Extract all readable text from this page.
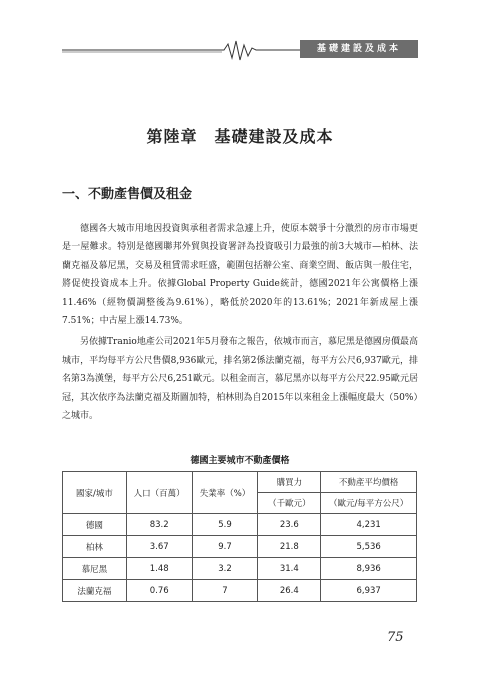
基礎建設及成本
第陸章　基礎建設及成本
一、不動產售價及租金

德國各大城市用地因投資與承租者需求急遽上升，使原本競爭十分激烈的房市市場更是一屋難求。特別是德國聯邦外貿與投資署評為投資吸引力最強的前3大城市—柏林、法蘭克福及慕尼黑，交易及租賃需求旺盛，範圍包括辦公室、商業空間、飯店與一般住宅，將促使投資成本上升。依據Global Property Guide統計，德國2021年公寓價格上漲11.46%（經物價調整後為9.61%），略低於2020年的13.61%；2021年新成屋上漲7.51%；中古屋上漲14.73%。

另依據Tranio地產公司2021年5月發布之報告，依城市而言，慕尼黑是德國房價最高城市，平均每平方公尺售價8,936歐元，排名第2係法蘭克福，每平方公尺6,937歐元，排名第3為漢堡，每平方公尺6,251歐元。以租金而言，慕尼黑亦以每平方公尺22.95歐元居冠，其次依序為法蘭克福及斯圖加特，柏林則為自2015年以來租金上漲幅度最大（50%）之城市。

德國主要城市不動產價格
國家/城市	人口（百萬）	失業率（%）	購買力	不動產平均價格
			（千歐元）	（歐元/每平方公尺）
德國	83.2	5.9	23.6	4,231
柏林	3.67	9.7	21.8	5,536
慕尼黑	1.48	3.2	31.4	8,936
法蘭克福	0.76	7	26.4	6,937
75
